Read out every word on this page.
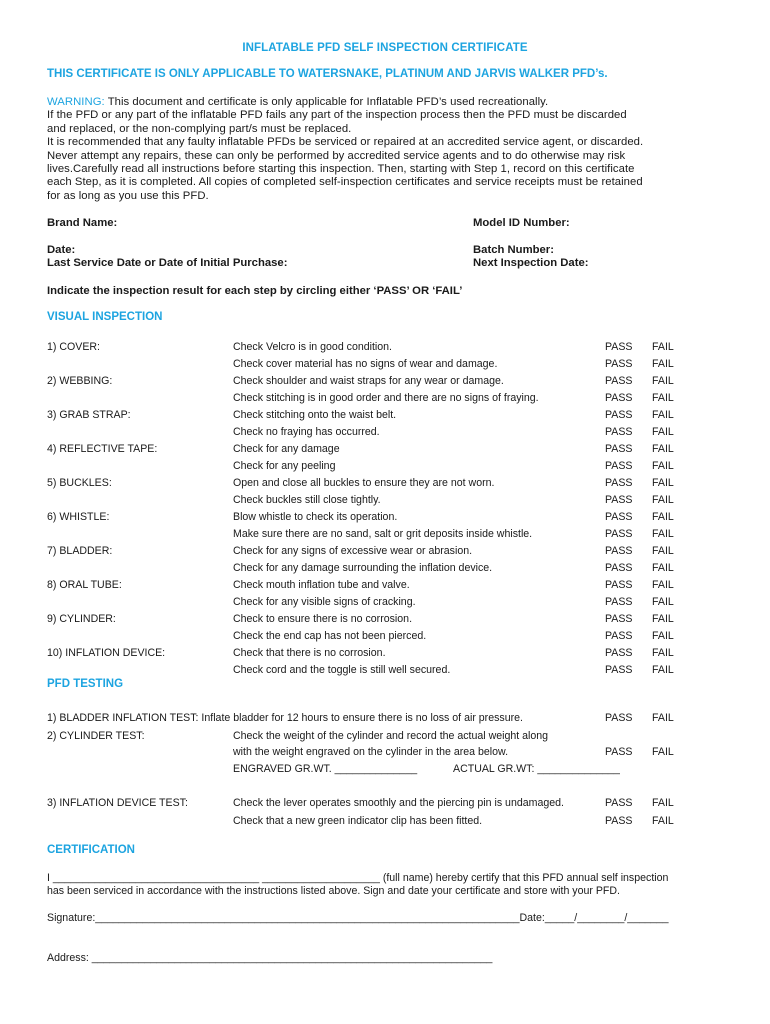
INFLATABLE PFD SELF INSPECTION CERTIFICATE
THIS CERTIFICATE IS ONLY APPLICABLE TO WATERSNAKE, PLATINUM AND JARVIS WALKER PFD’s.

WARNING: This document and certificate is only applicable for Inflatable PFD’s used recreationally.

If the PFD or any part of the inflatable PFD fails any part of the inspection process then the PFD must be discarded

and replaced, or the non-complying part/s must be replaced.

It is recommended that any faulty inflatable PFDs be serviced or repaired at an accredited service agent, or discarded.

Never attempt any repairs, these can only be performed by accredited service agents and to do otherwise may risk

lives.Carefully read all instructions before starting this inspection. Then, starting with Step 1, record on this certificate

each Step, as it is completed. All copies of completed self-inspection certificates and service receipts must be retained

for as long as you use this PFD.

Brand Name:	Model ID Number:
Date:	Batch Number:
Last Service Date or Date of Initial Purchase:	Next Inspection Date:
Indicate the inspection result for each step by circling either ‘PASS’ OR ‘FAIL’
VISUAL INSPECTION
1) COVER:	Check Velcro is in good condition.	PASS FAIL
Check cover material has no signs of wear and damage.	PASS FAIL
2) WEBBING:	Check shoulder and waist straps for any wear or damage.	PASS FAIL
Check stitching is in good order and there are no signs of fraying.	PASS FAIL
3) GRAB STRAP:	Check stitching onto the waist belt.	PASS FAIL
Check no fraying has occurred.	PASS FAIL
4) REFLECTIVE TAPE:	Check for any damage	PASS FAIL
Check for any peeling	PASS FAIL
5) BUCKLES:	Open and close all buckles to ensure they are not worn.	PASS FAIL
Check buckles still close tightly.	PASS FAIL
6) WHISTLE:	Blow whistle to check its operation.	PASS FAIL
Make sure there are no sand, salt or grit deposits inside whistle.	PASS FAIL
7) BLADDER:	Check for any signs of excessive wear or abrasion.	PASS FAIL
Check for any damage surrounding the inflation device.	PASS FAIL
8) ORAL TUBE:	Check mouth inflation tube and valve.	PASS FAIL
Check for any visible signs of cracking.	PASS FAIL
9) CYLINDER:	Check to ensure there is no corrosion.	PASS FAIL
Check the end cap has not been pierced.	PASS FAIL
10) INFLATION DEVICE:	Check that there is no corrosion.	PASS FAIL
Check cord and the toggle is still well secured.	PASS FAIL
PFD TESTING
1) BLADDER INFLATION TEST: Inflate bladder for 12 hours to ensure there is no loss of air pressure.	PASS FAIL
2) CYLINDER TEST:	Check the weight of the cylinder and record the actual weight along
with the weight engraved on the cylinder in the area below.	PASS FAIL
ENGRAVED GR.WT. ______________	ACTUAL GR.WT: ______________
3) INFLATION DEVICE TEST:	Check the lever operates smoothly and the piercing pin is undamaged.	PASS FAIL
Check that a new green indicator clip has been fitted.	PASS FAIL
CERTIFICATION
I ___________________________________ ____________________ (full name) hereby certify that this PFD annual self inspection
has been serviced in accordance with the instructions listed above. Sign and date your certificate and store with your PFD.
Signature:________________________________________________________________________Date:_____/________/_______
Address: ____________________________________________________________________
